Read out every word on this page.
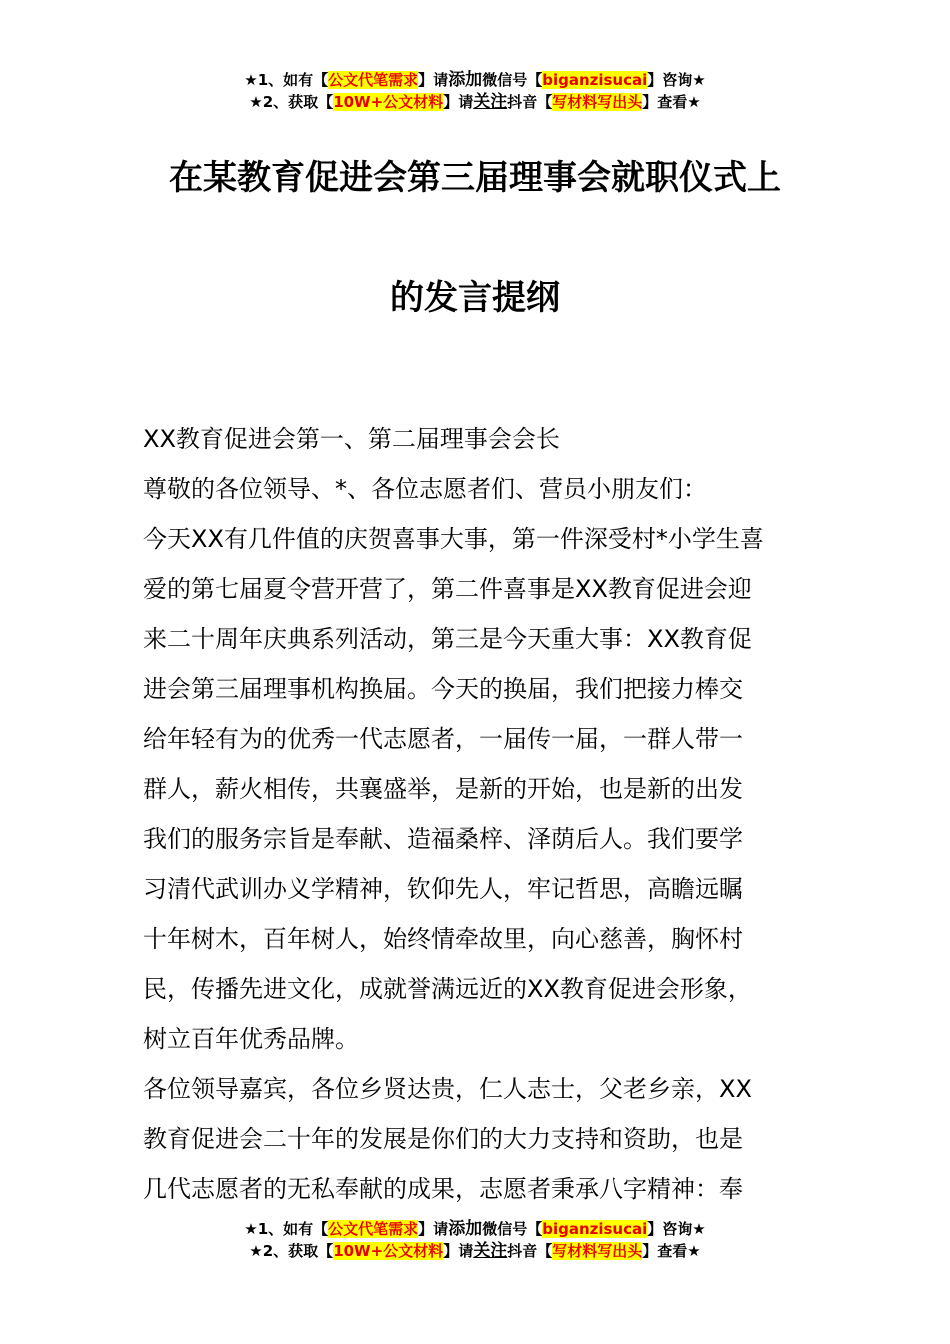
★1、如有【公文代笔需求】请添加微信号【biganzisucai】咨询★
★2、获取【10W+公文材料】请关注抖音【写材料写出头】查看★
在某教育促进会第三届理事会就职仪式上
的发言提纲
XX教育促进会第一、第二届理事会会长
尊敬的各位领导、*、各位志愿者们、营员小朋友们：
今天XX有几件值的庆贺喜事大事，第一件深受村*小学生喜
爱的第七届夏令营开营了，第二件喜事是XX教育促进会迎
来二十周年庆典系列活动，第三是今天重大事：XX教育促
进会第三届理事机构换届。今天的换届，我们把接力棒交
给年轻有为的优秀一代志愿者，一届传一届，一群人带一
群人，薪火相传，共襄盛举，是新的开始，也是新的出发
我们的服务宗旨是奉献、造福桑梓、泽荫后人。我们要学
习清代武训办义学精神，钦仰先人，牢记哲思，高瞻远瞩
十年树木，百年树人，始终情牵故里，向心慈善，胸怀村
民，传播先进文化，成就誉满远近的XX教育促进会形象，
树立百年优秀品牌。
各位领导嘉宾，各位乡贤达贵，仁人志士，父老乡亲，XX
教育促进会二十年的发展是你们的大力支持和资助，也是
几代志愿者的无私奉献的成果，志愿者秉承八字精神：奉
★1、如有【公文代笔需求】请添加微信号【biganzisucai】咨询★
★2、获取【10W+公文材料】请关注抖音【写材料写出头】查看★
